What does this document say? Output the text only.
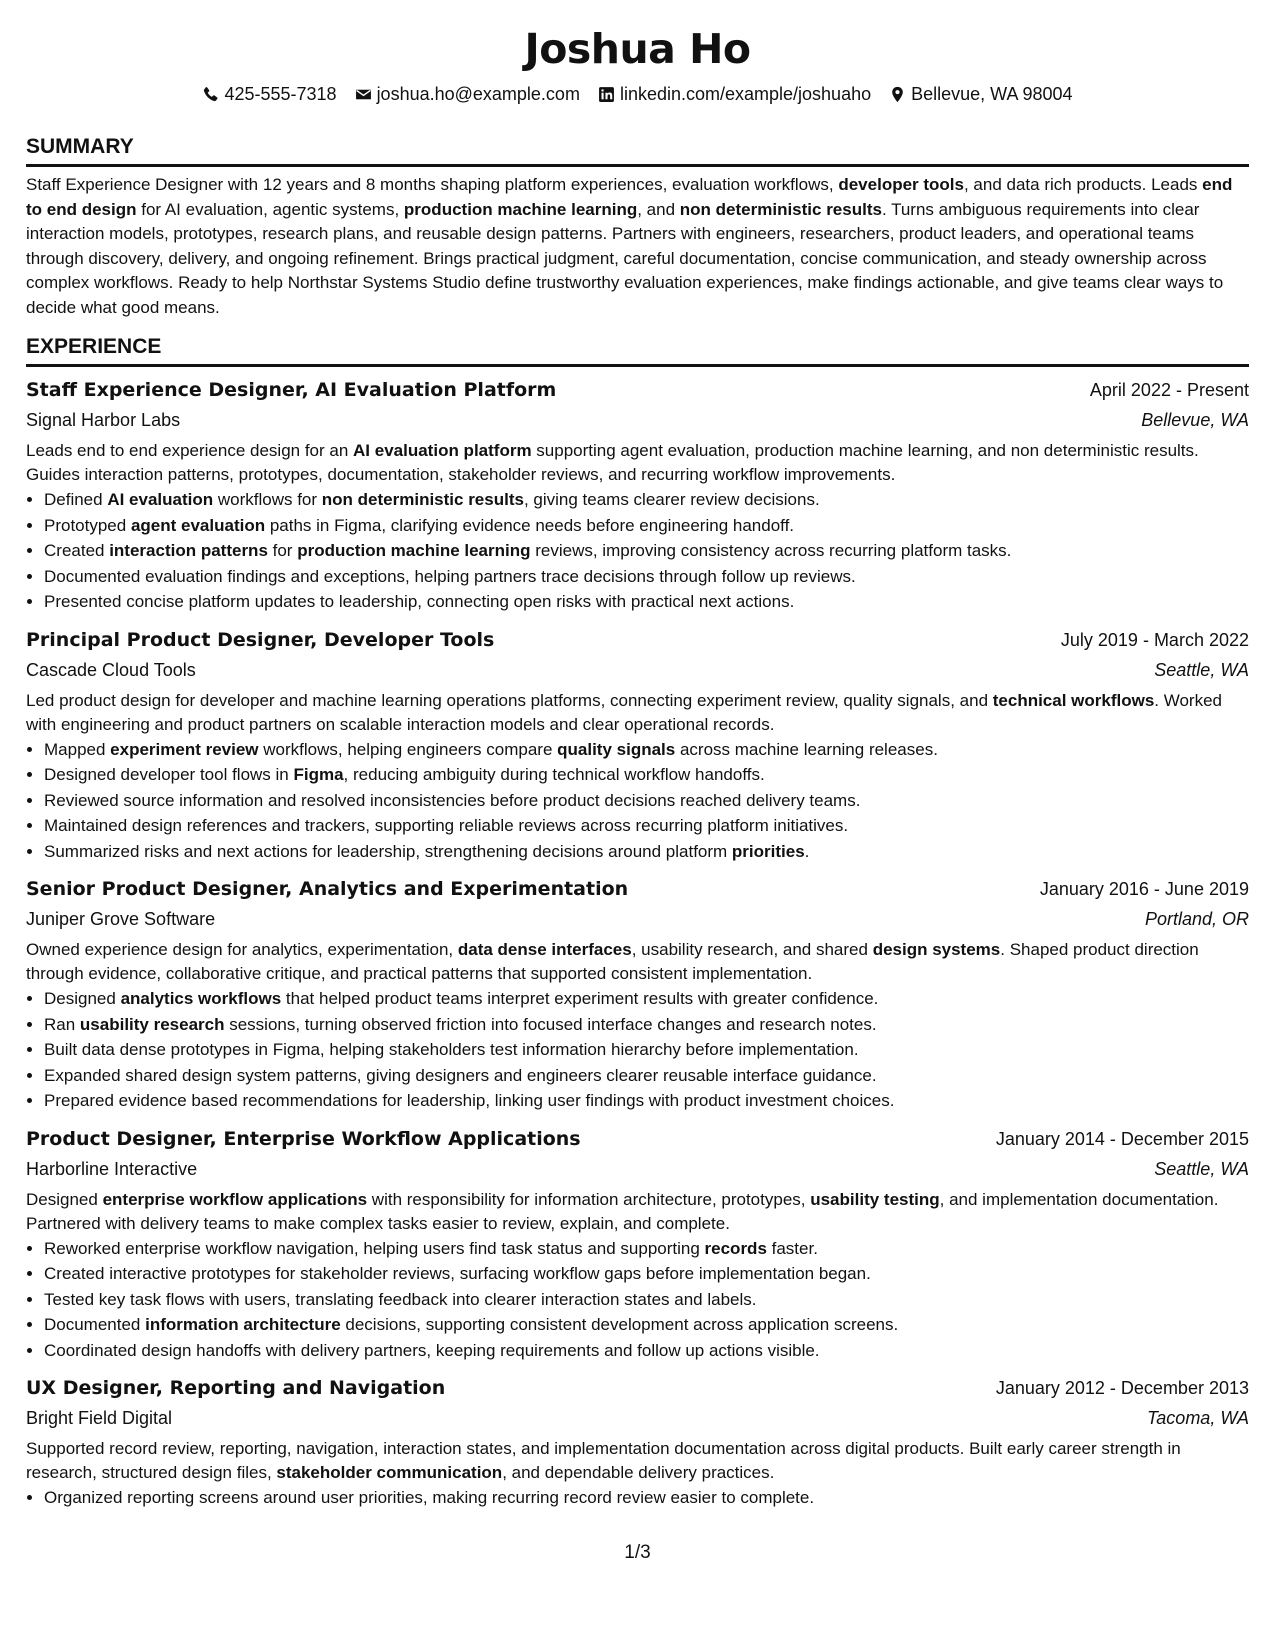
Joshua Ho
425-555-7318 joshua.ho@example.com linkedin.com/example/joshuaho Bellevue, WA 98004
SUMMARY

Staff Experience Designer with 12 years and 8 months shaping platform experiences, evaluation workflows, developer tools, and data rich products. Leads end to end design for AI evaluation, agentic systems, production machine learning, and non deterministic results. Turns ambiguous requirements into clear interaction models, prototypes, research plans, and reusable design patterns. Partners with engineers, researchers, product leaders, and operational teams through discovery, delivery, and ongoing refinement. Brings practical judgment, careful documentation, concise communication, and steady ownership across complex workflows. Ready to help Northstar Systems Studio define trustworthy evaluation experiences, make findings actionable, and give teams clear ways to decide what good means.

EXPERIENCE
Staff Experience Designer, AI Evaluation Platform	April 2022 - Present
Signal Harbor Labs	Bellevue, WA

Leads end to end experience design for an AI evaluation platform supporting agent evaluation, production machine learning, and non deterministic results. Guides interaction patterns, prototypes, documentation, stakeholder reviews, and recurring workflow improvements.

• Defined AI evaluation workflows for non deterministic results, giving teams clearer review decisions.
• Prototyped agent evaluation paths in Figma, clarifying evidence needs before engineering handoff.
• Created interaction patterns for production machine learning reviews, improving consistency across recurring platform tasks.
• Documented evaluation findings and exceptions, helping partners trace decisions through follow up reviews.
• Presented concise platform updates to leadership, connecting open risks with practical next actions.
Principal Product Designer, Developer Tools	July 2019 - March 2022
Cascade Cloud Tools	Seattle, WA

Led product design for developer and machine learning operations platforms, connecting experiment review, quality signals, and technical workflows. Worked with engineering and product partners on scalable interaction models and clear operational records.

• Mapped experiment review workflows, helping engineers compare quality signals across machine learning releases.
• Designed developer tool flows in Figma, reducing ambiguity during technical workflow handoffs.
• Reviewed source information and resolved inconsistencies before product decisions reached delivery teams.
• Maintained design references and trackers, supporting reliable reviews across recurring platform initiatives.
• Summarized risks and next actions for leadership, strengthening decisions around platform priorities.
Senior Product Designer, Analytics and Experimentation	January 2016 - June 2019
Juniper Grove Software	Portland, OR

Owned experience design for analytics, experimentation, data dense interfaces, usability research, and shared design systems. Shaped product direction through evidence, collaborative critique, and practical patterns that supported consistent implementation.

• Designed analytics workflows that helped product teams interpret experiment results with greater confidence.
• Ran usability research sessions, turning observed friction into focused interface changes and research notes.
• Built data dense prototypes in Figma, helping stakeholders test information hierarchy before implementation.
• Expanded shared design system patterns, giving designers and engineers clearer reusable interface guidance.
• Prepared evidence based recommendations for leadership, linking user findings with product investment choices.
Product Designer, Enterprise Workflow Applications	January 2014 - December 2015
Harborline Interactive	Seattle, WA

Designed enterprise workflow applications with responsibility for information architecture, prototypes, usability testing, and implementation documentation. Partnered with delivery teams to make complex tasks easier to review, explain, and complete.

• Reworked enterprise workflow navigation, helping users find task status and supporting records faster.
• Created interactive prototypes for stakeholder reviews, surfacing workflow gaps before implementation began.
• Tested key task flows with users, translating feedback into clearer interaction states and labels.
• Documented information architecture decisions, supporting consistent development across application screens.
• Coordinated design handoffs with delivery partners, keeping requirements and follow up actions visible.
UX Designer, Reporting and Navigation	January 2012 - December 2013
Bright Field Digital	Tacoma, WA

Supported record review, reporting, navigation, interaction states, and implementation documentation across digital products. Built early career strength in research, structured design files, stakeholder communication, and dependable delivery practices.

• Organized reporting screens around user priorities, making recurring record review easier to complete.
1/3
